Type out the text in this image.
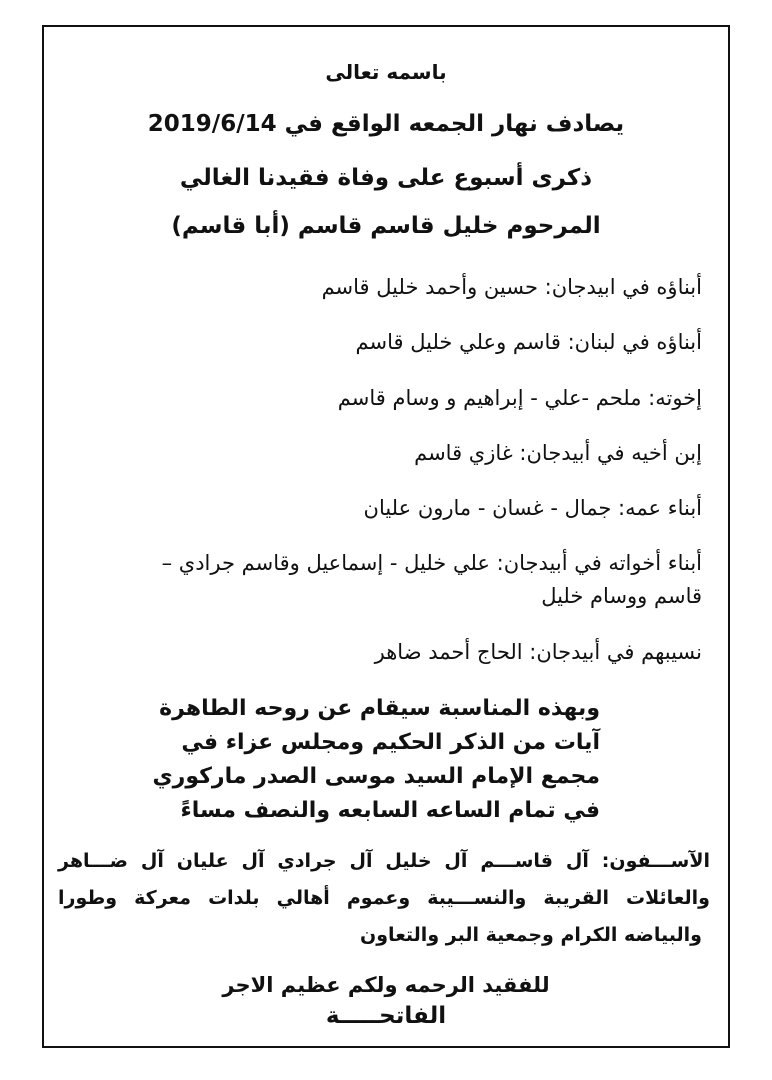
باسمه تعالى
يصادف نهار الجمعه الواقع في 2019/6/14
ذكرى أسبوع على وفاة فقيدنا الغالي
المرحوم خليل قاسم قاسم (أبا قاسم)
أبناؤه في ابيدجان: حسين وأحمد خليل قاسم
أبناؤه في لبنان: قاسم وعلي خليل قاسم
إخوته: ملحم -علي - إبراهيم و وسام قاسم
إبن أخيه في أبيدجان: غازي قاسم
أبناء عمه: جمال - غسان - مارون عليان
أبناء أخواته في أبيدجان: علي خليل - إسماعيل وقاسم جرادي –
قاسم ووسام خليل
نسيبهم في أبيدجان: الحاج أحمد ضاهر
وبهذه المناسبة سيقام عن روحه الطاهرة
آيات من الذكر الحكيم ومجلس عزاء في
مجمع الإمام السيد موسى الصدر ماركوري
في تمام الساعه السابعه والنصف مساءً
الآســـفون: آل قاســـم آل خليل آل جرادي آل عليان آل ضـــاهر
والعائلات القريبة والنســـيبة وعموم أهالي بلدات معركة وطورا
والبياضه الكرام وجمعية البر والتعاون
للفقيد الرحمه ولكم عظيم الاجر
الفاتحـــــة
